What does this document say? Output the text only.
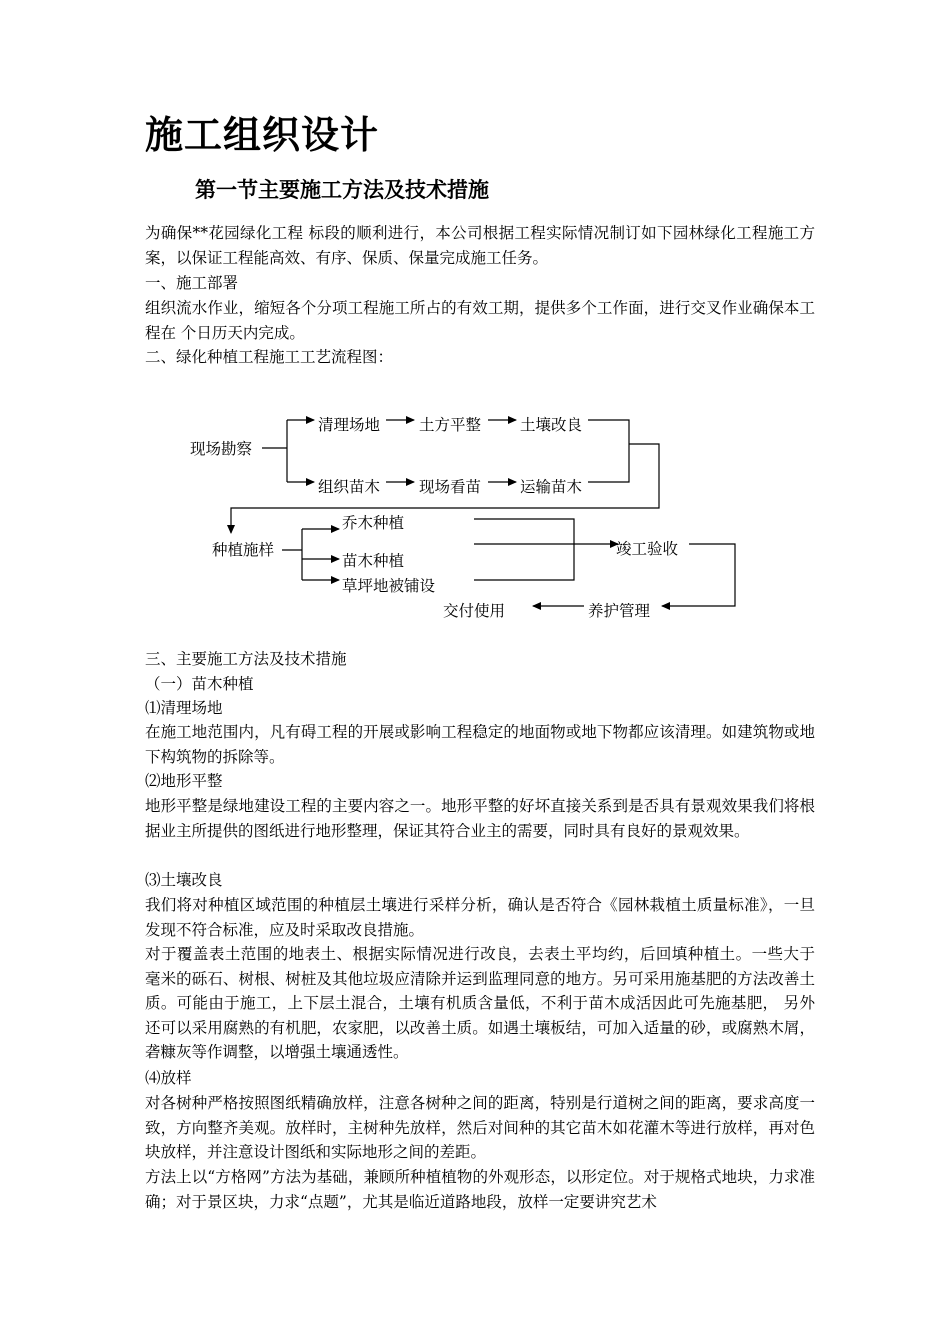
施工组织设计
第一节主要施工方法及技术措施

为确保**花园绿化工程 标段的顺利进行，本公司根据工程实际情况制订如下园林绿化工程施工方案，以保证工程能高效、有序、保质、保量完成施工任务。

一、施工部署

组织流水作业，缩短各个分项工程施工所占的有效工期，提供多个工作面，进行交叉作业确保本工程在 个日历天内完成。

二、绿化种植工程施工工艺流程图：

现场勘察
清理场地	土方平整	土壤改良
组织苗木	现场看苗	运输苗木
种植施样
乔木种植
苗木种植
草坪地被铺设
竣工验收
交付使用	养护管理

三、主要施工方法及技术措施

（一）苗木种植

⑴清理场地

在施工地范围内，凡有碍工程的开展或影响工程稳定的地面物或地下物都应该清理。如建筑物或地下构筑物的拆除等。

⑵地形平整

地形平整是绿地建设工程的主要内容之一。地形平整的好坏直接关系到是否具有景观效果我们将根据业主所提供的图纸进行地形整理，保证其符合业主的需要，同时具有良好的景观效果。

⑶土壤改良

我们将对种植区域范围的种植层土壤进行采样分析，确认是否符合《园林栽植土质量标准》，一旦发现不符合标准，应及时采取改良措施。

对于覆盖表土范围的地表土、根据实际情况进行改良，去表土平均约，后回填种植土。一些大于 毫米的砾石、树根、树桩及其他垃圾应清除并运到监理同意的地方。另可采用施基肥的方法改善土质。可能由于施工，上下层土混合，土壤有机质含量低，不利于苗木成活因此可先施基肥， 另外还可以采用腐熟的有机肥，农家肥，以改善土质。如遇土壤板结，可加入适量的砂，或腐熟木屑，砻糠灰等作调整，以增强土壤通透性。

⑷放样

对各树种严格按照图纸精确放样，注意各树种之间的距离，特别是行道树之间的距离，要求高度一致，方向整齐美观。放样时，主树种先放样，然后对间种的其它苗木如花灌木等进行放样，再对色块放样，并注意设计图纸和实际地形之间的差距。

方法上以“方格网”方法为基础，兼顾所种植植物的外观形态，以形定位。对于规格式地块，力求准确；对于景区块，力求“点题”，尤其是临近道路地段，放样一定要讲究艺术
